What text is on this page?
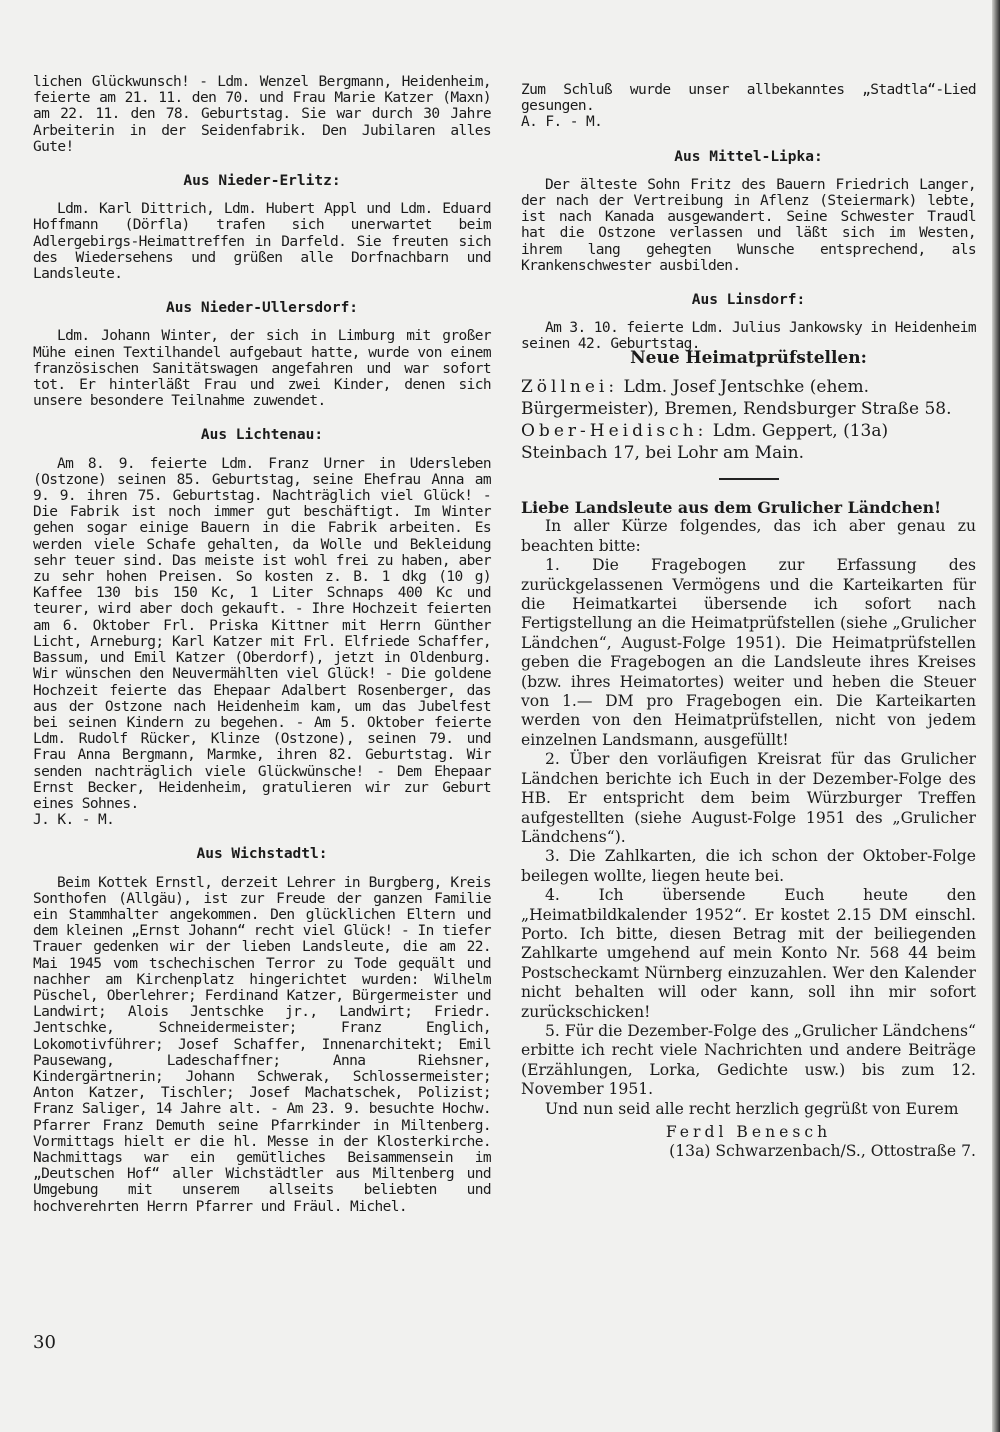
lichen Glückwunsch! - Ldm. Wenzel Bergmann, Heidenheim, feierte am 21. 11. den 70. und Frau Marie Katzer (Maxn) am 22. 11. den 78. Geburtstag. Sie war durch 30 Jahre Arbeiterin in der Seidenfabrik. Den Jubilaren alles Gute!

Aus Nieder-Erlitz:

Ldm. Karl Dittrich, Ldm. Hubert Appl und Ldm. Eduard Hoffmann (Dörfla) trafen sich unerwartet beim Adlergebirgs-Heimattreffen in Darfeld. Sie freuten sich des Wiedersehens und grüßen alle Dorfnachbarn und Landsleute.

Aus Nieder-Ullersdorf:

Ldm. Johann Winter, der sich in Limburg mit großer Mühe einen Textilhandel aufgebaut hatte, wurde von einem französischen Sanitätswagen angefahren und war sofort tot. Er hinterläßt Frau und zwei Kinder, denen sich unsere besondere Teilnahme zuwendet.

Aus Lichtenau:

Am 8. 9. feierte Ldm. Franz Urner in Udersleben (Ostzone) seinen 85. Geburtstag, seine Ehefrau Anna am 9. 9. ihren 75. Geburtstag. Nachträglich viel Glück! - Die Fabrik ist noch immer gut beschäftigt. Im Winter gehen sogar einige Bauern in die Fabrik arbeiten. Es werden viele Schafe gehalten, da Wolle und Bekleidung sehr teuer sind. Das meiste ist wohl frei zu haben, aber zu sehr hohen Preisen. So kosten z. B. 1 dkg (10 g) Kaffee 130 bis 150 Kc, 1 Liter Schnaps 400 Kc und teurer, wird aber doch gekauft. - Ihre Hochzeit feierten am 6. Oktober Frl. Priska Kittner mit Herrn Günther Licht, Arneburg; Karl Katzer mit Frl. Elfriede Schaffer, Bassum, und Emil Katzer (Oberdorf), jetzt in Oldenburg. Wir wünschen den Neuvermählten viel Glück! - Die goldene Hochzeit feierte das Ehepaar Adalbert Rosenberger, das aus der Ostzone nach Heidenheim kam, um das Jubelfest bei seinen Kindern zu begehen. - Am 5. Oktober feierte Ldm. Rudolf Rücker, Klinze (Ostzone), seinen 79. und Frau Anna Bergmann, Marmke, ihren 82. Geburtstag. Wir senden nachträglich viele Glückwünsche! - Dem Ehepaar Ernst Becker, Heidenheim, gratulieren wir zur Geburt eines Sohnes.

J. K. - M.

Aus Wichstadtl:

Beim Kottek Ernstl, derzeit Lehrer in Burgberg, Kreis Sonthofen (Allgäu), ist zur Freude der ganzen Familie ein Stammhalter angekommen. Den glücklichen Eltern und dem kleinen „Ernst Johann“ recht viel Glück! - In tiefer Trauer gedenken wir der lieben Landsleute, die am 22. Mai 1945 vom tschechischen Terror zu Tode gequält und nachher am Kirchenplatz hingerichtet wurden: Wilhelm Püschel, Oberlehrer; Ferdinand Katzer, Bürgermeister und Landwirt; Alois Jentschke jr., Landwirt; Friedr. Jentschke, Schneidermeister; Franz Englich, Lokomotivführer; Josef Schaffer, Innenarchitekt; Emil Pausewang, Ladeschaffner; Anna Riehsner, Kindergärtnerin; Johann Schwerak, Schlossermeister; Anton Katzer, Tischler; Josef Machatschek, Polizist; Franz Saliger, 14 Jahre alt. - Am 23. 9. besuchte Hochw. Pfarrer Franz Demuth seine Pfarrkinder in Miltenberg. Vormittags hielt er die hl. Messe in der Klosterkirche. Nachmittags war ein gemütliches Beisammensein im „Deutschen Hof“ aller Wichstädtler aus Miltenberg und Umgebung mit unserem allseits beliebten und hochverehrten Herrn Pfarrer und Fräul. Michel.

Zum Schluß wurde unser allbekanntes „Stadtla“-Lied gesungen.

A. F. - M.

Aus Mittel-Lipka:

Der älteste Sohn Fritz des Bauern Friedrich Langer, der nach der Vertreibung in Aflenz (Steiermark) lebte, ist nach Kanada ausgewandert. Seine Schwester Traudl hat die Ostzone verlassen und läßt sich im Westen, ihrem lang gehegten Wunsche entsprechend, als Krankenschwester ausbilden.

Aus Linsdorf:

Am 3. 10. feierte Ldm. Julius Jankowsky in Heidenheim seinen 42. Geburtstag.

Neue Heimatprüfstellen:

Zöllnei: Ldm. Josef Jentschke (ehem. Bürgermeister), Bremen, Rendsburger Straße 58.

Ober-Heidisch: Ldm. Geppert, (13a) Steinbach 17, bei Lohr am Main.

Liebe Landsleute aus dem Grulicher Ländchen!

In aller Kürze folgendes, das ich aber genau zu beachten bitte:

1. Die Fragebogen zur Erfassung des zurückgelassenen Vermögens und die Karteikarten für die Heimatkartei übersende ich sofort nach Fertigstellung an die Heimatprüfstellen (siehe „Grulicher Ländchen“, August-Folge 1951). Die Heimatprüfstellen geben die Fragebogen an die Landsleute ihres Kreises (bzw. ihres Heimatortes) weiter und heben die Steuer von 1.— DM pro Fragebogen ein. Die Karteikarten werden von den Heimatprüfstellen, nicht von jedem einzelnen Landsmann, ausgefüllt!

2. Über den vorläufigen Kreisrat für das Grulicher Ländchen berichte ich Euch in der Dezember-Folge des HB. Er entspricht dem beim Würzburger Treffen aufgestellten (siehe August-Folge 1951 des „Grulicher Ländchens“).

3. Die Zahlkarten, die ich schon der Oktober-Folge beilegen wollte, liegen heute bei.

4. Ich übersende Euch heute den „Heimatbildkalender 1952“. Er kostet 2.15 DM einschl. Porto. Ich bitte, diesen Betrag mit der beiliegenden Zahlkarte umgehend auf mein Konto Nr. 568 44 beim Postscheckamt Nürnberg einzuzahlen. Wer den Kalender nicht behalten will oder kann, soll ihn mir sofort zurückschicken!

5. Für die Dezember-Folge des „Grulicher Ländchens“ erbitte ich recht viele Nachrichten und andere Beiträge (Erzählungen, Lorka, Gedichte usw.) bis zum 12. November 1951.

Und nun seid alle recht herzlich gegrüßt von Eurem

Ferdl Benesch

(13a) Schwarzenbach/S., Ottostraße 7.

30
